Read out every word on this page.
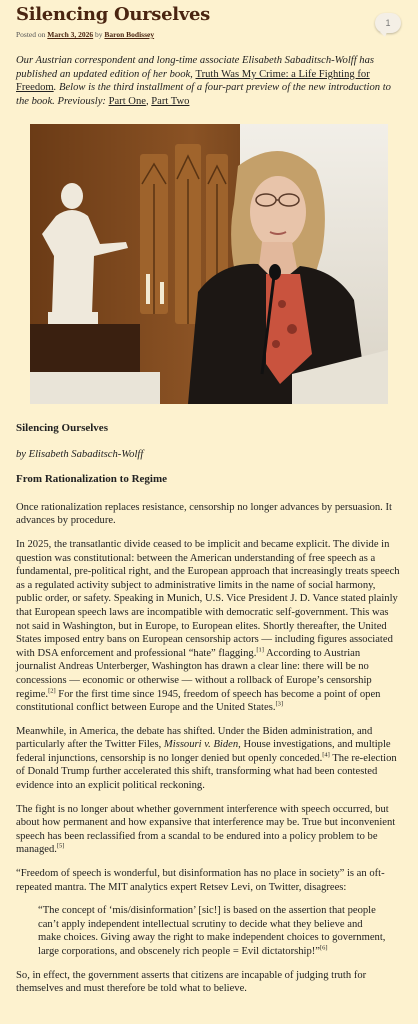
Silencing Ourselves
Posted on March 3, 2026 by Baron Bodissey
1

Our Austrian correspondent and long-time associate Elisabeth Sabaditsch-Wolff has published an updated edition of her book, Truth Was My Crime: a Life Fighting for Freedom. Below is the third installment of a four-part preview of the new introduction to the book. Previously: Part One, Part Two

Silencing Ourselves

by Elisabeth Sabaditsch-Wolff

From Rationalization to Regime

Once rationalization replaces resistance, censorship no longer advances by persuasion. It advances by procedure.

In 2025, the transatlantic divide ceased to be implicit and became explicit. The divide in question was constitutional: between the American understanding of free speech as a fundamental, pre-political right, and the European approach that increasingly treats speech as a regulated activity subject to administrative limits in the name of social harmony, public order, or safety. Speaking in Munich, U.S. Vice President J. D. Vance stated plainly that European speech laws are incompatible with democratic self-government. This was not said in Washington, but in Europe, to European elites. Shortly thereafter, the United States imposed entry bans on European censorship actors — including figures associated with DSA enforcement and professional “hate” flagging.[1] According to Austrian journalist Andreas Unterberger, Washington has drawn a clear line: there will be no concessions — economic or otherwise — without a rollback of Europe’s censorship regime.[2] For the first time since 1945, freedom of speech has become a point of open constitutional conflict between Europe and the United States.[3]

Meanwhile, in America, the debate has shifted. Under the Biden administration, and particularly after the Twitter Files, Missouri v. Biden, House investigations, and multiple federal injunctions, censorship is no longer denied but openly conceded.[4] The re-election of Donald Trump further accelerated this shift, transforming what had been contested evidence into an explicit political reckoning.

The fight is no longer about whether government interference with speech occurred, but about how permanent and how expansive that interference may be. True but inconvenient speech has been reclassified from a scandal to be endured into a policy problem to be managed.[5]

“Freedom of speech is wonderful, but disinformation has no place in society” is an oft-repeated mantra. The MIT analytics expert Retsev Levi, on Twitter, disagrees:

“The concept of ‘mis/disinformation’ [sic!] is based on the assertion that people can’t apply independent intellectual scrutiny to decide what they believe and make choices. Giving away the right to make independent choices to government, large corporations, and obscenely rich people = Evil dictatorship!”[6]

So, in effect, the government asserts that citizens are incapable of judging truth for themselves and must therefore be told what to believe.
